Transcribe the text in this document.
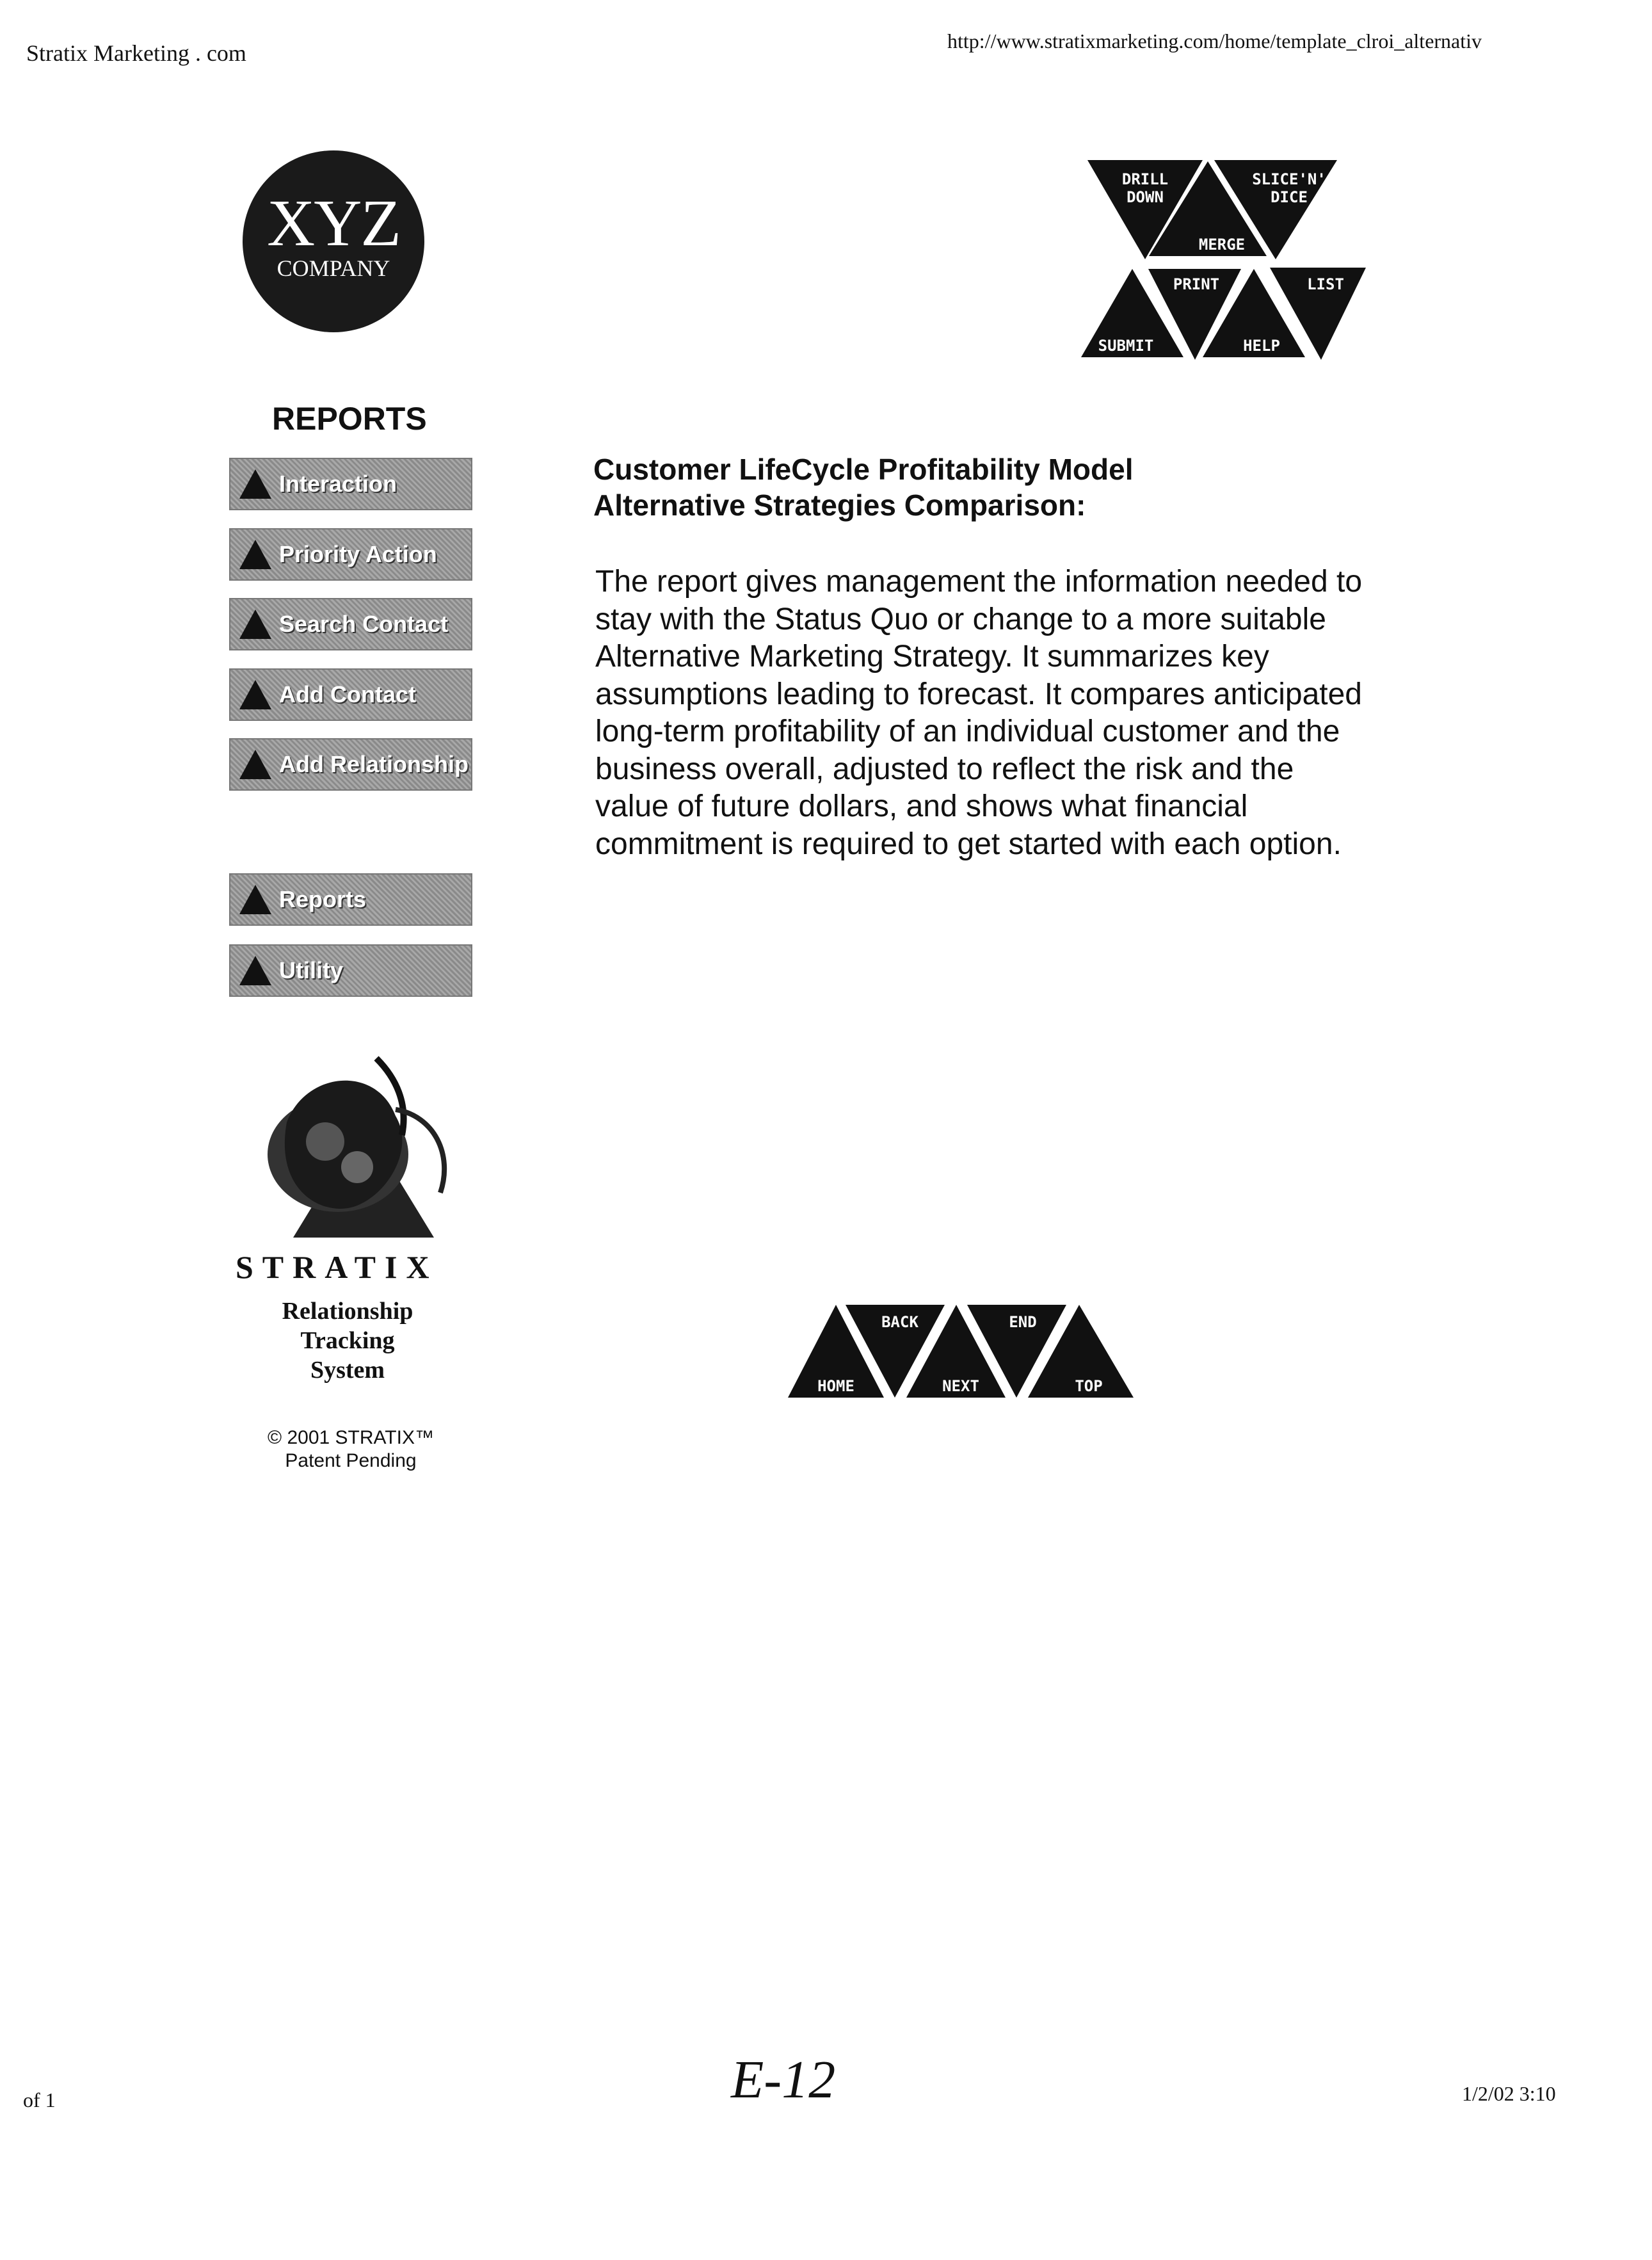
Stratix Marketing . com	http://www.stratixmarketing.com/home/template_clroi_alternativ
XYZ
COMPANY
DRILL
DOWN
MERGE
SLICE'N'
DICE
SUBMIT
PRINT
HELP
LIST
REPORTS
Interaction
Priority Action
Search Contact
Add Contact
Add Relationship
Reports
Utility
STRATIX
Relationship
Tracking
System
© 2001 STRATIX™
Patent Pending
Customer LifeCycle Profitability Model
Alternative Strategies Comparison:
The report gives management the information needed to stay with the Status Quo or change to a more suitable Alternative Marketing Strategy. It summarizes key assumptions leading to forecast. It compares anticipated long-term profitability of an individual customer and the business overall, adjusted to reflect the risk and the value of future dollars, and shows what financial commitment is required to get started with each option.
HOME
BACK
NEXT
END
TOP
of 1	E-12	1/2/02 3:10
